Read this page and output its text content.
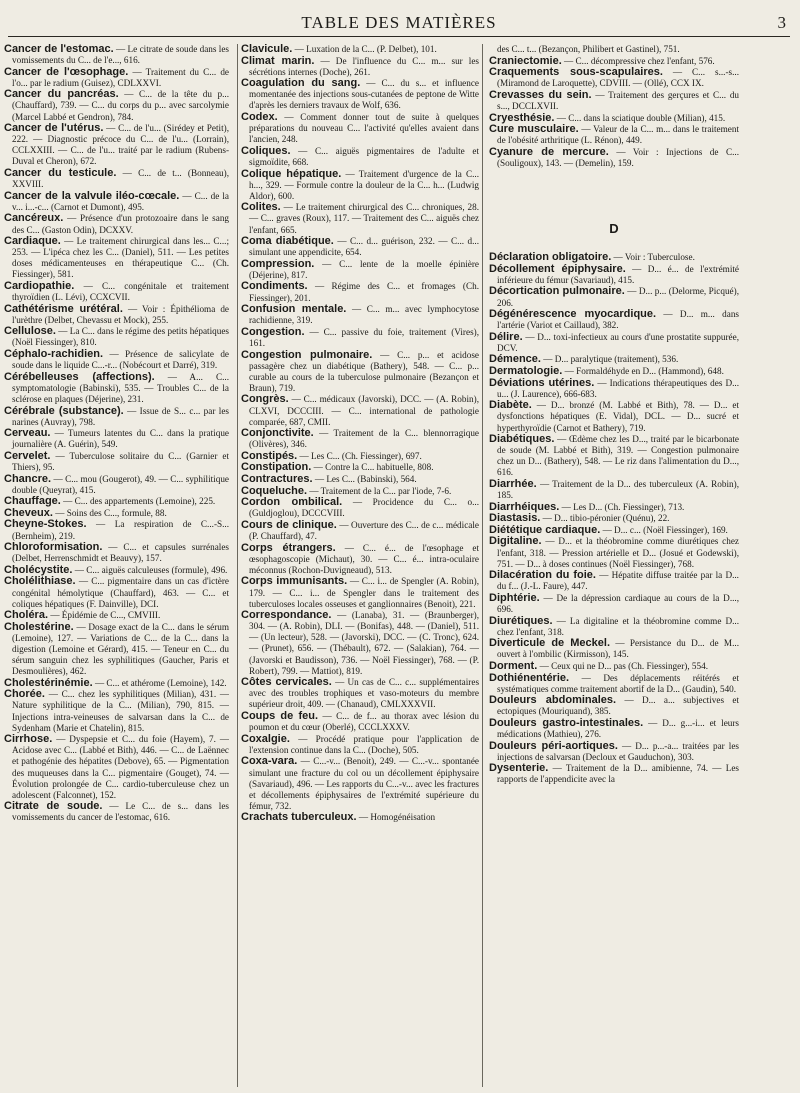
TABLE DES MATIÈRES	3

Cancer de l'estomac. — Le citrate de soude dans les vomissements du C... de l'e..., 616.

Cancer de l'œsophage. — Traitement du C... de l'o... par le radium (Guisez), CDLXXVI.

Cancer du pancréas. — C... de la tête du p... (Chauffard), 739. — C... du corps du p... avec sarcolymie (Marcel Labbé et Gendron), 784.

Cancer de l'utérus. — C... de l'u... (Sirédey et Petit), 222. — Diagnostic précoce du C... de l'u... (Lorrain), CCLXXIII. — C... de l'u... traité par le radium (Rubens-Duval et Cheron), 672.

Cancer du testicule. — C... de t... (Bonneau), XXVIII.

Cancer de la valvule iléo-cœcale. — C... de la v... i...-c... (Carnot et Dumont), 495.

Cancéreux. — Présence d'un protozoaire dans le sang des C... (Gaston Odin), DCXXV.

Cardiaque. — Le traitement chirurgical dans les... C...; 253. — L'ipéca chez les C... (Daniel), 511. — Les petites doses médicamenteuses en thérapeutique C... (Ch. Fiessinger), 581.

Cardiopathie. — C... congénitale et traitement thyroïdien (L. Lévi), CCXCVII.

Cathétérisme urétéral. — Voir : Épithélioma de l'urèthre (Delbet, Chevassu et Mock), 255.

Cellulose. — La C... dans le régime des petits hépatiques (Noël Fiessinger), 810.

Céphalo-rachidien. — Présence de salicylate de soude dans le liquide C...-r... (Nobécourt et Darré), 319.

Cérébelleuses (affections). — A... C... symptomatologie (Babinski), 535. — Troubles C... de la sclérose en plaques (Déjerine), 231.

Cérébrale (substance). — Issue de S... c... par les narines (Auvray), 798.

Cerveau. — Tumeurs latentes du C... dans la pratique journalière (A. Guérin), 549.

Cervelet. — Tuberculose solitaire du C... (Garnier et Thiers), 95.

Chancre. — C... mou (Gougerot), 49. — C... syphilitique double (Queyrat), 415.

Chauffage. — C... des appartements (Lemoine), 225.

Cheveux. — Soins des C..., formule, 88.

Cheyne-Stokes. — La respiration de C...-S... (Bernheim), 219.

Chloroformisation. — C... et capsules surrénales (Delbet, Herrenschmidt et Beauvy), 157.

Cholécystite. — C... aiguës calculeuses (formule), 496.

Cholélithiase. — C... pigmentaire dans un cas d'ictère congénital hémolytique (Chauffard), 463. — C... et coliques hépatiques (F. Dainville), DCI.

Choléra. — Épidémie de C..., CMVIII.

Cholestérine. — Dosage exact de la C... dans le sérum (Lemoine), 127. — Variations de C... de la C... dans la digestion (Lemoine et Gérard), 415. — Teneur en C... du sérum sanguin chez les syphilitiques (Gaucher, Paris et Desmoulières), 462.

Cholestérinémie. — C... et athérome (Lemoine), 142.

Chorée. — C... chez les syphilitiques (Milian), 431. — Nature syphilitique de la C... (Milian), 790, 815. — Injections intra-veineuses de salvarsan dans la C... de Sydenham (Marie et Chatelin), 815.

Cirrhose. — Dyspepsie et C... du foie (Hayem), 7. — Acidose avec C... (Labbé et Bith), 446. — C... de Laënnec et pathogénie des hépatites (Debove), 65. — Pigmentation des muqueuses dans la C... pigmentaire (Gouget), 74. — Évolution prolongée de C... cardio-tuberculeuse chez un adolescent (Falconnet), 152.

Citrate de soude. — Le C... de s... dans les vomissements du cancer de l'estomac, 616.

Clavicule. — Luxation de la C... (P. Delbet), 101.

Climat marin. — De l'influence du C... m... sur les sécrétions internes (Doche), 261.

Coagulation du sang. — C... du s... et influence momentanée des injections sous-cutanées de peptone de Witte d'après les derniers travaux de Wolf, 636.

Codex. — Comment donner tout de suite à quelques préparations du nouveau C... l'activité qu'elles avaient dans l'ancien, 248.

Coliques. — C... aiguës pigmentaires de l'adulte et sigmoïdite, 668.

Colique hépatique. — Traitement d'urgence de la C... h..., 329. — Formule contre la douleur de la C... h... (Ludwig Aldor), 600.

Colites. — Le traitement chirurgical des C... chroniques, 28. — C... graves (Roux), 117. — Traitement des C... aiguës chez l'enfant, 665.

Coma diabétique. — C... d... guérison, 232. — C... d... simulant une appendicite, 654.

Compression. — C... lente de la moelle épinière (Déjerine), 817.

Condiments. — Régime des C... et fromages (Ch. Fiessinger), 201.

Confusion mentale. — C... m... avec lymphocytose rachidienne, 319.

Congestion. — C... passive du foie, traitement (Vires), 161.

Congestion pulmonaire. — C... p... et acidose passagère chez un diabétique (Bathery), 548. — C... p... curable au cours de la tuberculose pulmonaire (Bezançon et Braun), 719.

Congrès. — C... médicaux (Javorski), DCC. — (A. Robin), CLXVI, DCCCIII. — C... international de pathologie comparée, 687, CMII.

Conjonctivite. — Traitement de la C... blennorragique (Olivères), 346.

Constipés. — Les C... (Ch. Fiessinger), 697.

Constipation. — Contre la C... habituelle, 808.

Contractures. — Les C... (Babinski), 564.

Coqueluche. — Traitement de la C... par l'iode, 7-6.

Cordon ombilical. — Procidence du C... o... (Guldjoglou), DCCCVIII.

Cours de clinique. — Ouverture des C... de c... médicale (P. Chauffard), 47.

Corps étrangers. — C... é... de l'œsophage et œsophagoscopie (Michaut), 30. — C... é... intra-oculaire méconnus (Rochon-Duvigneaud), 513.

Corps immunisants. — C... i... de Spengler (A. Robin), 179. — C... i... de Spengler dans le traitement des tuberculoses locales osseuses et ganglionnaires (Benoit), 221.

Correspondance. — (Lanaba), 31. — (Braunberger), 304. — (A. Robin), DLI. — (Bonifas), 448. — (Daniel), 511. — (Un lecteur), 528. — (Javorski), DCC. — (C. Tronc), 624. — (Prunet), 656. — (Thébault), 672. — (Salakian), 764. — (Javorski et Baudisson), 736. — Noël Fiessinger), 768. — (P. Robert), 799. — Mattiot), 819.

Côtes cervicales. — Un cas de C... c... supplémentaires avec des troubles trophiques et vaso-moteurs du membre supérieur droit, 409. — (Chanaud), CMLXXXVII.

Coups de feu. — C... de f... au thorax avec lésion du poumon et du cœur (Oberlé), CCCLXXXV.

Coxalgie. — Procédé pratique pour l'application de l'extension continue dans la C... (Doche), 505.

Coxa-vara. — C...-v... (Benoit), 249. — C...-v... spontanée simulant une fracture du col ou un décollement épiphysaire (Savariaud), 496. — Les rapports du C...-v... avec les fractures et décollements épiphysaires de l'extrémité supérieure du fémur, 732.

Crachats tuberculeux. — Homogénéisation

des C... t... (Bezançon, Philibert et Gastinel), 751.

Craniectomie. — C... décompressive chez l'enfant, 576.

Craquements sous-scapulaires. — C... s...-s... (Miramond de Laroquette), CDVIII. — (Ollé), CCX IX.

Crevasses du sein. — Traitement des gerçures et C... du s..., DCCLXVII.

Cryesthésie. — C... dans la sciatique double (Milian), 415.

Cure musculaire. — Valeur de la C... m... dans le traitement de l'obésité arthritique (L. Rénon), 449.

Cyanure de mercure. — Voir : Injections de C... (Souligoux), 143. — (Demelin), 159.

D

Déclaration obligatoire. — Voir : Tuberculose.

Décollement épiphysaire. — D... é... de l'extrémité inférieure du fémur (Savariaud), 415.

Décortication pulmonaire. — D... p... (Delorme, Picqué), 206.

Dégénérescence myocardique. — D... m... dans l'artérie (Variot et Caillaud), 382.

Délire. — D... toxi-infectieux au cours d'une prostatite suppurée, DCV.

Démence. — D... paralytique (traitement), 536.

Dermatologie. — Formaldéhyde en D... (Hammond), 648.

Déviations utérines. — Indications thérapeutiques des D... u... (J. Laurence), 666-683.

Diabète. — D... bronzé (M. Labbé et Bith), 78. — D... et dysfonctions hépatiques (E. Vidal), DCL. — D... sucré et hyperthyroïdie (Carnot et Bathery), 719.

Diabétiques. — Œdème chez les D..., traité par le bicarbonate de soude (M. Labbé et Bith), 319. — Congestion pulmonaire chez un D... (Bathery), 548. — Le riz dans l'alimentation du D..., 616.

Diarrhée. — Traitement de la D... des tuberculeux (A. Robin), 185.

Diarrhéiques. — Les D... (Ch. Fiessinger), 713.

Diastasis. — D... tibio-péronier (Quénu), 22.

Diététique cardiaque. — D... c... (Noël Fiessinger), 169.

Digitaline. — D... et la théobromine comme diurétiques chez l'enfant, 318. — Pression artérielle et D... (Josué et Godewski), 751. — D... à doses continues (Noël Fiessinger), 768.

Dilacération du foie. — Hépatite diffuse traitée par la D... du f... (J.-L. Faure), 447.

Diphtérie. — De la dépression cardiaque au cours de la D..., 696.

Diurétiques. — La digitaline et la théobromine comme D... chez l'enfant, 318.

Diverticule de Meckel. — Persistance du D... de M... ouvert à l'ombilic (Kirmisson), 145.

Dorment. — Ceux qui ne D... pas (Ch. Fiessinger), 554.

Dothiénentérie. — Des déplacements réitérés et systématiques comme traitement abortif de la D... (Gaudin), 540.

Douleurs abdominales. — D... a... subjectives et ectopiques (Mouriquand), 385.

Douleurs gastro-intestinales. — D... g...-i... et leurs médications (Mathieu), 276.

Douleurs péri-aortiques. — D... p...-a... traitées par les injections de salvarsan (Decloux et Gauduchon), 303.

Dysenterie. — Traitement de la D... amibienne, 74. — Les rapports de l'appendicite avec la
